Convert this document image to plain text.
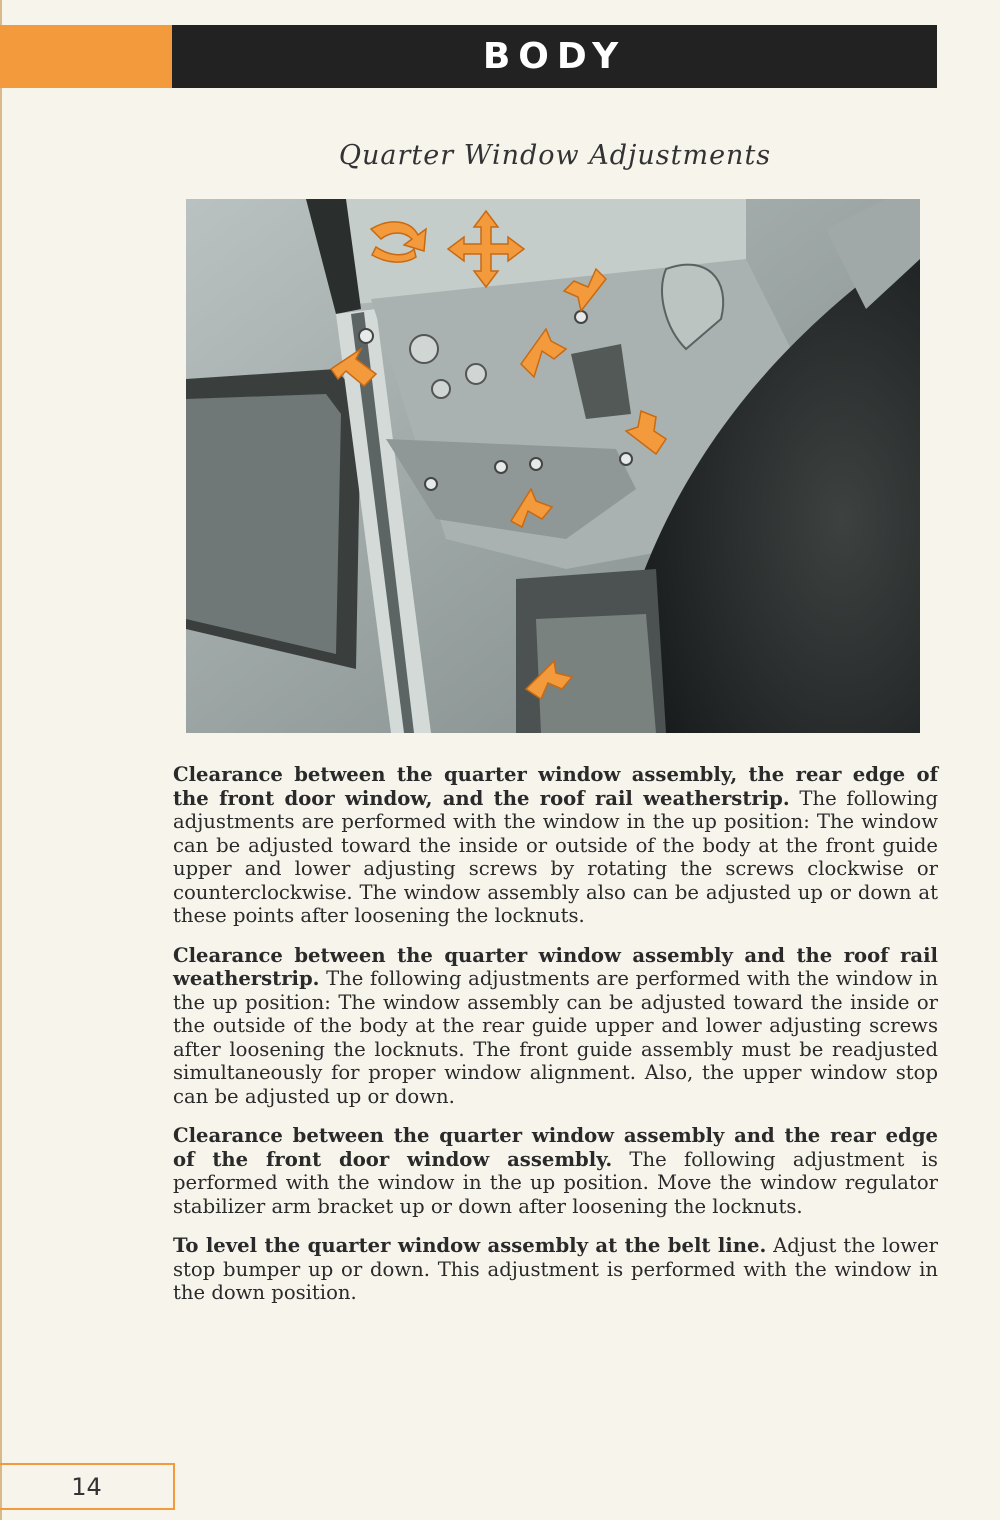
BODY
Quarter Window Adjustments

Clearance between the quarter window assembly, the rear edge of the front door window, and the roof rail weatherstrip. The following adjustments are performed with the window in the up position: The window can be adjusted toward the inside or outside of the body at the front guide upper and lower adjusting screws by rotating the screws clockwise or counterclockwise. The window assembly also can be adjusted up or down at these points after loosening the locknuts.

Clearance between the quarter window assembly and the roof rail weatherstrip. The following adjustments are performed with the window in the up position: The window assembly can be adjusted toward the inside or the outside of the body at the rear guide upper and lower adjusting screws after loosening the locknuts. The front guide assembly must be readjusted simultaneously for proper window alignment. Also, the upper window stop can be adjusted up or down.

Clearance between the quarter window assembly and the rear edge of the front door window assembly. The following adjustment is performed with the window in the up position. Move the window regulator stabilizer arm bracket up or down after loosening the locknuts.

To level the quarter window assembly at the belt line. Adjust the lower stop bumper up or down. This adjustment is performed with the window in the down position.

14
